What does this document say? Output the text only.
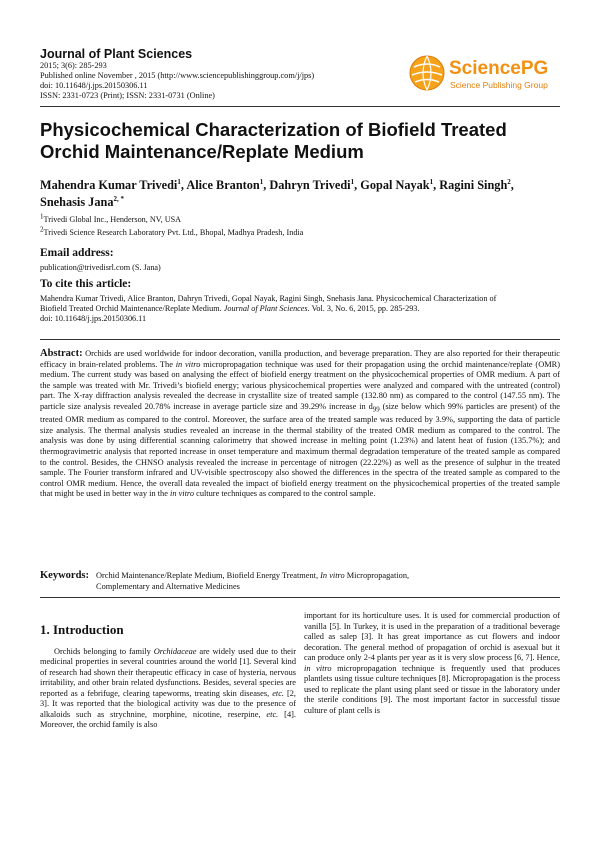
Journal of Plant Sciences
2015; 3(6): 285-293
Published online November , 2015 (http://www.sciencepublishinggroup.com/j/jps)
doi: 10.11648/j.jps.20150306.11
ISSN: 2331-0723 (Print); ISSN: 2331-0731 (Online)
SciencePG
Science Publishing Group
Physicochemical Characterization of Biofield Treated Orchid Maintenance/Replate Medium
Mahendra Kumar Trivedi$^1$, Alice Branton$^1$, Dahryn Trivedi$^1$, Gopal Nayak$^1$, Ragini Singh$^2$,
Snehasis Jana$^{2, *}$
$^1$Trivedi Global Inc., Henderson, NV, USA
$^2$Trivedi Science Research Laboratory Pvt. Ltd., Bhopal, Madhya Pradesh, India
Email address:
publication@trivedisrl.com (S. Jana)
To cite this article:
Mahendra Kumar Trivedi, Alice Branton, Dahryn Trivedi, Gopal Nayak, Ragini Singh, Snehasis Jana. Physicochemical Characterization of
Biofield Treated Orchid Maintenance/Replate Medium. Journal of Plant Sciences. Vol. 3, No. 6, 2015, pp. 285-293.
doi: 10.11648/j.jps.20150306.11
Abstract: Orchids are used worldwide for indoor decoration, vanilla production, and beverage preparation. They are also reported for their therapeutic efficacy in brain-related problems. The in vitro micropropagation technique was used for their propagation using the orchid maintenance/replate (OMR) medium. The current study was based on analysing the effect of biofield energy treatment on the physicochemical properties of OMR medium. A part of the sample was treated with Mr. Trivedi’s biofield energy; various physicochemical properties were analyzed and compared with the untreated (control) part. The X-ray diffraction analysis revealed the decrease in crystallite size of treated sample (132.80 nm) as compared to the control (147.55 nm). The particle size analysis revealed 20.78% increase in average particle size and 39.29% increase in $d_{99}$ (size below which 99% particles are present) of the treated OMR medium as compared to the control. Moreover, the surface area of the treated sample was reduced by 3.9%, supporting the data of particle size analysis. The thermal analysis studies revealed an increase in the thermal stability of the treated OMR medium as compared to the control. The analysis was done by using differential scanning calorimetry that showed increase in melting point (1.23%) and latent heat of fusion (135.7%); and thermogravimetric analysis that reported increase in onset temperature and maximum thermal degradation temperature of the treated sample as compared to the control. Besides, the CHNSO analysis revealed the increase in percentage of nitrogen (22.22%) as well as the presence of sulphur in the treated sample. The Fourier transform infrared and UV-visible spectroscopy also showed the differences in the spectra of the treated sample as compared to the control OMR medium. Hence, the overall data revealed the impact of biofield energy treatment on the physicochemical properties of the treated sample that might be used in better way in the in vitro culture techniques as compared to the control sample.
Keywords: Orchid Maintenance/Replate Medium, Biofield Energy Treatment, In vitro Micropropagation,
Complementary and Alternative Medicines
1. Introduction

Orchids belonging to family Orchidaceae are widely used due to their medicinal properties in several countries around the world [1]. Several kind of research had shown their therapeutic efficacy in case of hysteria, nervous irritability, and other brain related dysfunctions. Besides, several species are reported as a febrifuge, clearing tapeworms, treating skin diseases, etc. [2, 3]. It was reported that the biological activity was due to the presence of alkaloids such as strychnine, morphine, nicotine, reserpine, etc. [4]. Moreover, the orchid family is also

important for its horticulture uses. It is used for commercial production of vanilla [5]. In Turkey, it is used in the preparation of a traditional beverage called as salep [3]. It has great importance as cut flowers and indoor decoration. The general method of propagation of orchid is asexual but it can produce only 2-4 plants per year as it is very slow process [6, 7]. Hence, in vitro micropropagation technique is frequently used that produces plantlets using tissue culture techniques [8]. Micropropagation is the process used to replicate the plant using plant seed or tissue in the laboratory under the sterile conditions [9]. The most important factor in successful tissue culture of plant cells is
